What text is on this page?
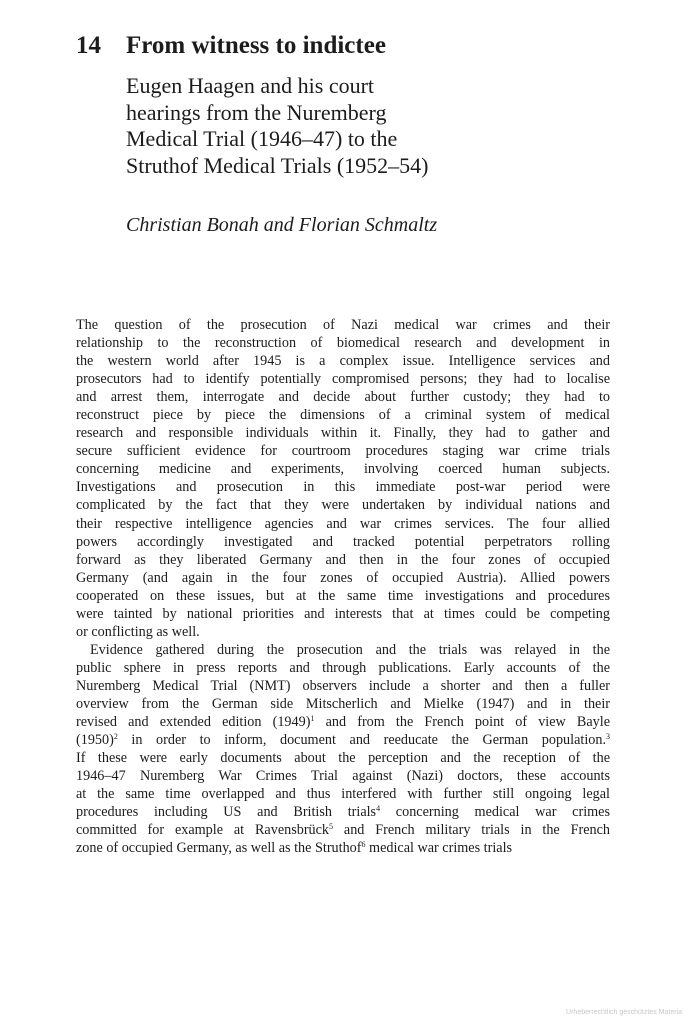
14 From witness to indictee
Eugen Haagen and his court
hearings from the Nuremberg
Medical Trial (1946–47) to the
Struthof Medical Trials (1952–54)
Christian Bonah and Florian Schmaltz
The question of the prosecution of Nazi medical war crimes and their
relationship to the reconstruction of biomedical research and development in
the western world after 1945 is a complex issue. Intelligence services and
prosecutors had to identify potentially compromised persons; they had to localise
and arrest them, interrogate and decide about further custody; they had to
reconstruct piece by piece the dimensions of a criminal system of medical
research and responsible individuals within it. Finally, they had to gather and
secure sufficient evidence for courtroom procedures staging war crime trials
concerning medicine and experiments, involving coerced human subjects.
Investigations and prosecution in this immediate post-war period were
complicated by the fact that they were undertaken by individual nations and
their respective intelligence agencies and war crimes services. The four allied
powers accordingly investigated and tracked potential perpetrators rolling
forward as they liberated Germany and then in the four zones of occupied
Germany (and again in the four zones of occupied Austria). Allied powers
cooperated on these issues, but at the same time investigations and procedures
were tainted by national priorities and interests that at times could be competing
or conflicting as well.
Evidence gathered during the prosecution and the trials was relayed in the
public sphere in press reports and through publications. Early accounts of the
Nuremberg Medical Trial (NMT) observers include a shorter and then a fuller
overview from the German side Mitscherlich and Mielke (1947) and in their
revised and extended edition $(1949)^1$ and from the French point of view Bayle
$(1950)^2$ in order to inform, document and reeducate the German population.$^3$
If these were early documents about the perception and the reception of the
1946–47 Nuremberg War Crimes Trial against (Nazi) doctors, these accounts
at the same time overlapped and thus interfered with further still ongoing legal
procedures including US and British trials$^4$ concerning medical war crimes
committed for example at Ravensbrück$^5$ and French military trials in the French
zone of occupied Germany, as well as the Struthof$^6$ medical war crimes trials
Urheberrechtlich geschütztes Materia
